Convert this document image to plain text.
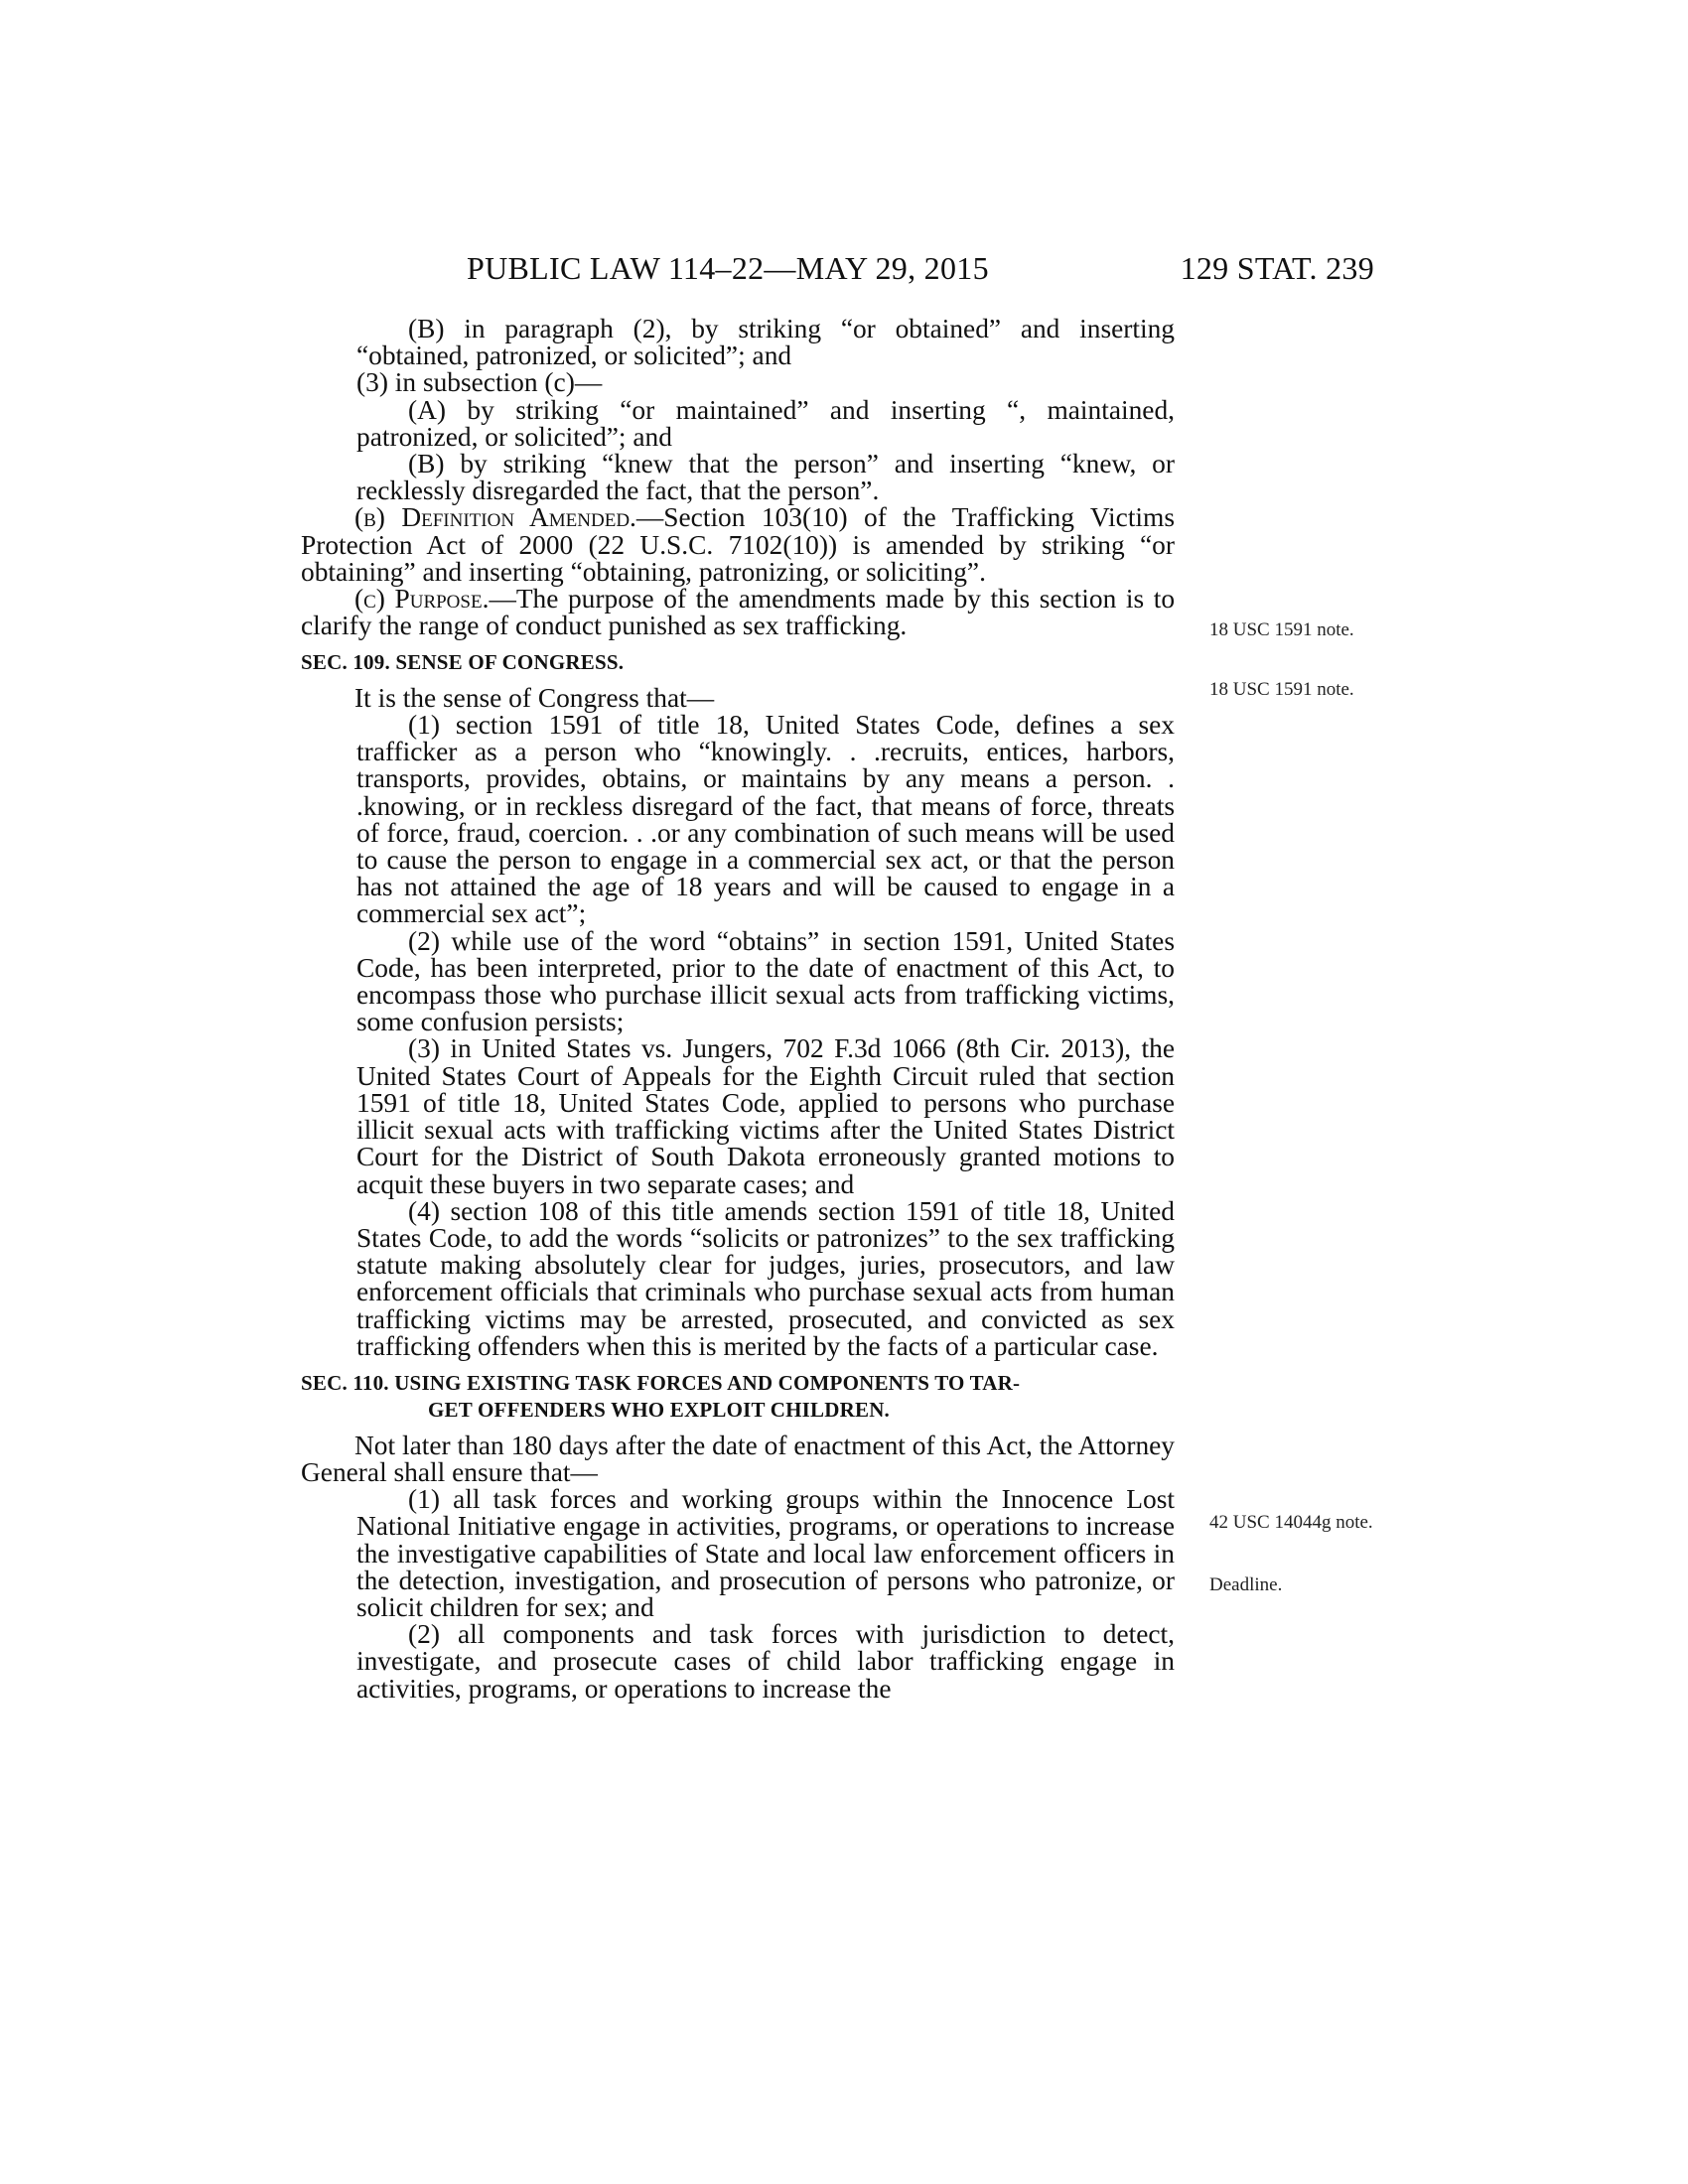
PUBLIC LAW 114–22—MAY 29, 2015	129 STAT. 239

(B) in paragraph (2), by striking “or obtained” and inserting “obtained, patronized, or solicited”; and

(3) in subsection (c)—

(A) by striking “or maintained” and inserting “, maintained, patronized, or solicited”; and

(B) by striking “knew that the person” and inserting “knew, or recklessly disregarded the fact, that the person”.

(b) Definition Amended.—Section 103(10) of the Trafficking Victims Protection Act of 2000 (22 U.S.C. 7102(10)) is amended by striking “or obtaining” and inserting “obtaining, patronizing, or soliciting”.

(c) Purpose.—The purpose of the amendments made by this section is to clarify the range of conduct punished as sex trafficking.

SEC. 109. SENSE OF CONGRESS.

It is the sense of Congress that—

(1) section 1591 of title 18, United States Code, defines a sex trafficker as a person who “knowingly. . .recruits, entices, harbors, transports, provides, obtains, or maintains by any means a person. . .knowing, or in reckless disregard of the fact, that means of force, threats of force, fraud, coercion. . .or any combination of such means will be used to cause the person to engage in a commercial sex act, or that the person has not attained the age of 18 years and will be caused to engage in a commercial sex act”;

(2) while use of the word “obtains” in section 1591, United States Code, has been interpreted, prior to the date of enactment of this Act, to encompass those who purchase illicit sexual acts from trafficking victims, some confusion persists;

(3) in United States vs. Jungers, 702 F.3d 1066 (8th Cir. 2013), the United States Court of Appeals for the Eighth Circuit ruled that section 1591 of title 18, United States Code, applied to persons who purchase illicit sexual acts with trafficking victims after the United States District Court for the District of South Dakota erroneously granted motions to acquit these buyers in two separate cases; and

(4) section 108 of this title amends section 1591 of title 18, United States Code, to add the words “solicits or patronizes” to the sex trafficking statute making absolutely clear for judges, juries, prosecutors, and law enforcement officials that criminals who purchase sexual acts from human trafficking victims may be arrested, prosecuted, and convicted as sex trafficking offenders when this is merited by the facts of a particular case.

SEC. 110. USING EXISTING TASK FORCES AND COMPONENTS TO TAR-
GET OFFENDERS WHO EXPLOIT CHILDREN.

Not later than 180 days after the date of enactment of this Act, the Attorney General shall ensure that—

(1) all task forces and working groups within the Innocence Lost National Initiative engage in activities, programs, or operations to increase the investigative capabilities of State and local law enforcement officers in the detection, investigation, and prosecution of persons who patronize, or solicit children for sex; and

(2) all components and task forces with jurisdiction to detect, investigate, and prosecute cases of child labor trafficking engage in activities, programs, or operations to increase the

18 USC 1591 note.
18 USC 1591 note.
42 USC 14044g note.
Deadline.
